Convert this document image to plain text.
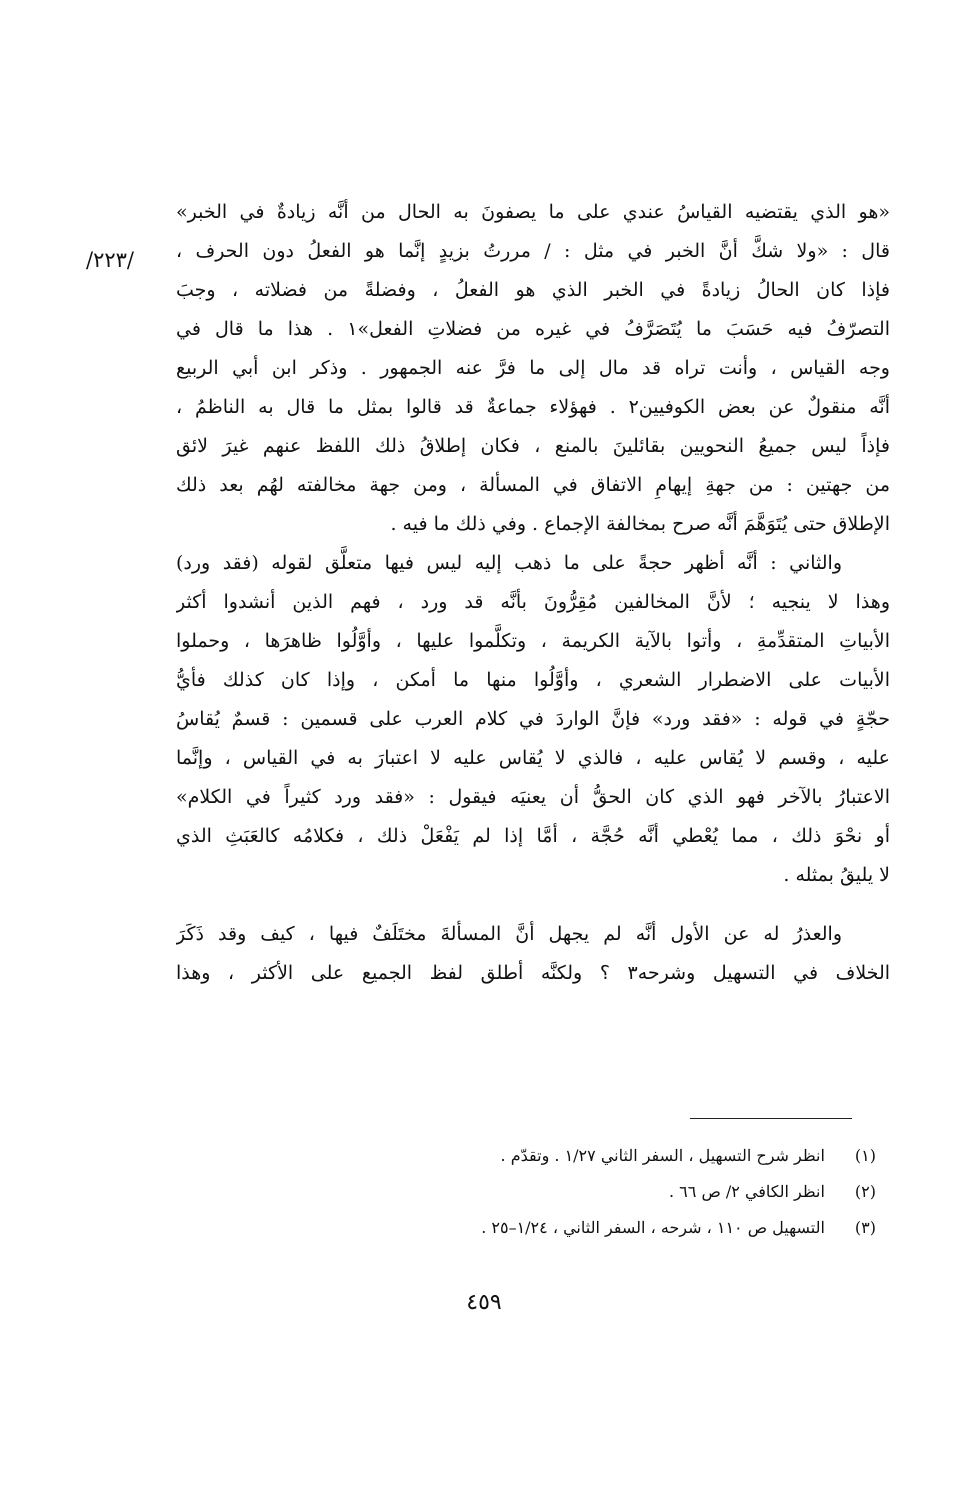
/٢٢٣/
«هو الذي يقتضيه القياسُ عندي على ما يصفونَ به الحال من أنَّه زيادةٌ في الخبر»
قال : «ولا شكَّ أنَّ الخبر في مثل : / مررتُ بزيدٍ إنَّما هو الفعلُ دون الحرف ،
فإذا كان الحالُ زيادةً في الخبر الذي هو الفعلُ ، وفضلةً من فضلاته ، وجبَ
التصرّفُ فيه حَسَبَ ما يُتَصَرَّفُ في غيره من فضلاتِ الفعل»١ . هذا ما قال في
وجه القياس ، وأنت تراه قد مال إلى ما فرَّ عنه الجمهور . وذكر ابن أبي الربيع
أنَّه منقولٌ عن بعض الكوفيين٢ . فهؤلاء جماعةٌ قد قالوا بمثل ما قال به الناظمُ ،
فإذاً ليس جميعُ النحويين بقائلينَ بالمنع ، فكان إطلاقُ ذلك اللفظ عنهم غيرَ لائق
من جهتين : من جهةِ إيهامِ الاتفاق في المسألة ، ومن جهة مخالفته لهُم بعد ذلك
الإطلاق حتى يُتَوَهَّمَ أنَّه صرح بمخالفة الإجماع . وفي ذلك ما فيه .
والثاني : أنَّه أظهر حجةً على ما ذهب إليه ليس فيها متعلَّق لقوله (فقد ورد)
وهذا لا ينجيه ؛ لأنَّ المخالفين مُقِرُّونَ بأنَّه قد ورد ، فهم الذين أنشدوا أكثر
الأبياتِ المتقدِّمةِ ، وأتوا بالآية الكريمة ، وتكلَّموا عليها ، وأوَّلُوا ظاهرَها ، وحملوا
الأبيات على الاضطرار الشعري ، وأوَّلُوا منها ما أمكن ، وإذا كان كذلك فأيُّ
حجّةٍ في قوله : «فقد ورد» فإنَّ الواردَ في كلام العرب على قسمين : قسمٌ يُقاسُ
عليه ، وقسم لا يُقاس عليه ، فالذي لا يُقاس عليه لا اعتبارَ به في القياس ، وإنَّما
الاعتبارُ بالآخر فهو الذي كان الحقُّ أن يعنيَه فيقول : «فقد ورد كثيراً في الكلام»
أو نحْوَ ذلك ، مما يُعْطي أنَّه حُجَّة ، أمَّا إذا لم يَفْعَلْ ذلك ، فكلامُه كالعَبَثِ الذي
لا يليقُ بمثله .
والعذرُ له عن الأول أنَّه لم يجهل أنَّ المسألةَ مختَلَفٌ فيها ، كيف وقد ذَكَرَ
الخلاف في التسهيل وشرحه٣ ؟ ولكنَّه أطلق لفظ الجميع على الأكثر ، وهذا
(١) انظر شرح التسهيل ، السفر الثاني ١/٢٧ . وتقدّم .
(٢) انظر الكافي ٢/ ص ٦٦ .
(٣) التسهيل ص ١١٠ ، شرحه ، السفر الثاني ، ١/٢٤–٢٥ .
٤٥٩
